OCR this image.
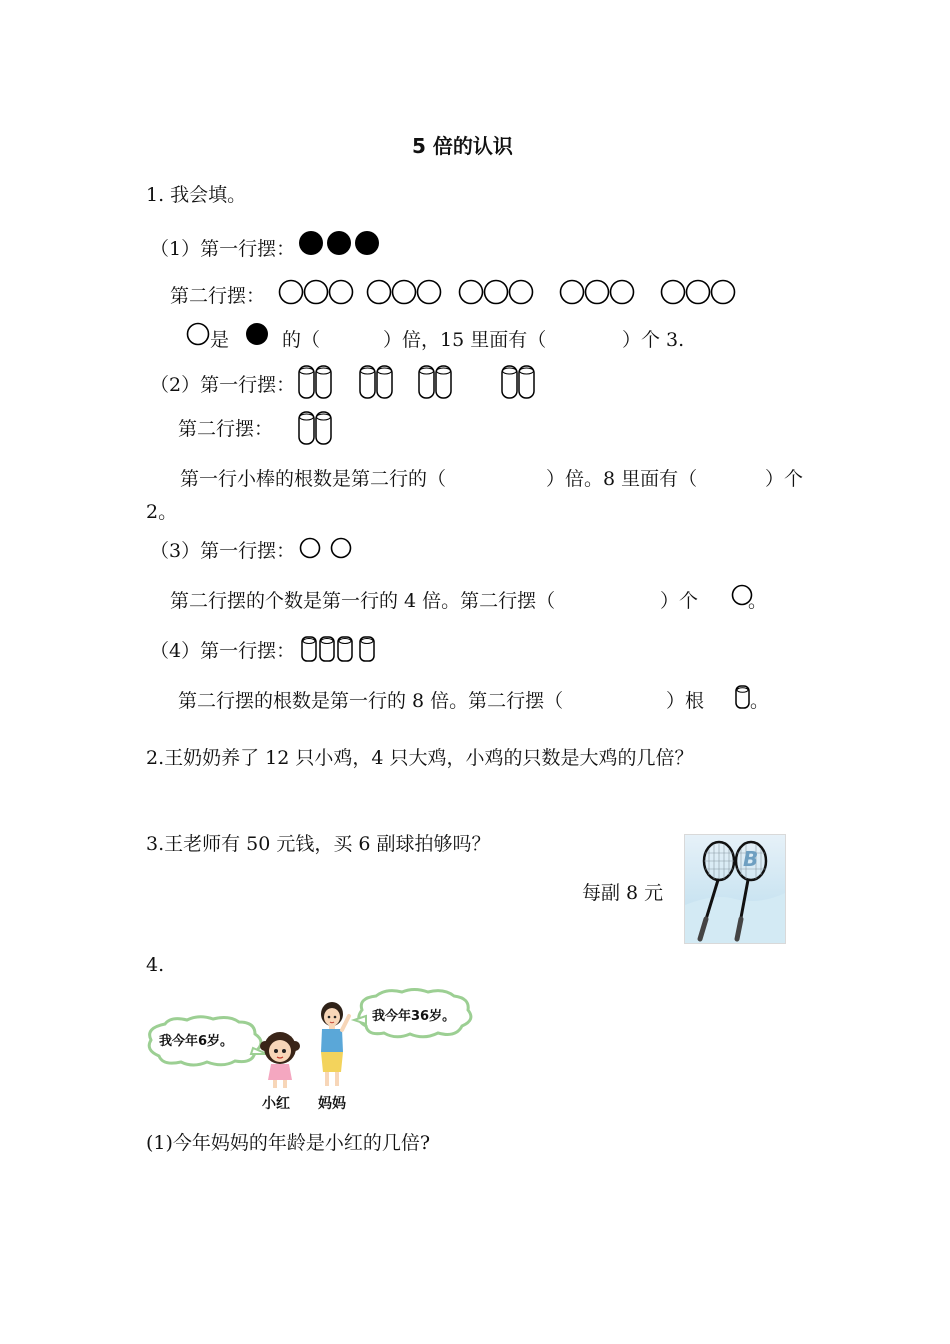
5 倍的认识
1. 我会填。
（1）第一行摆：
第二行摆：
是	的（	）倍，15 里面有（	）个 3.
（2）第一行摆：
第二行摆：
第一行小棒的根数是第二行的（	）倍。8 里面有（	）个
2。
（3）第一行摆：
第二行摆的个数是第一行的 4 倍。第二行摆（	）个	。
（4）第一行摆：
第二行摆的根数是第一行的 8 倍。第二行摆（	）根 。
2.王奶奶养了 12 只小鸡，4 只大鸡，小鸡的只数是大鸡的几倍？
3.王老师有 50 元钱，买 6 副球拍够吗？
每副 8 元
B
4.
我今年6岁。
我今年36岁。
小红 妈妈
(1)今年妈妈的年龄是小红的几倍?
